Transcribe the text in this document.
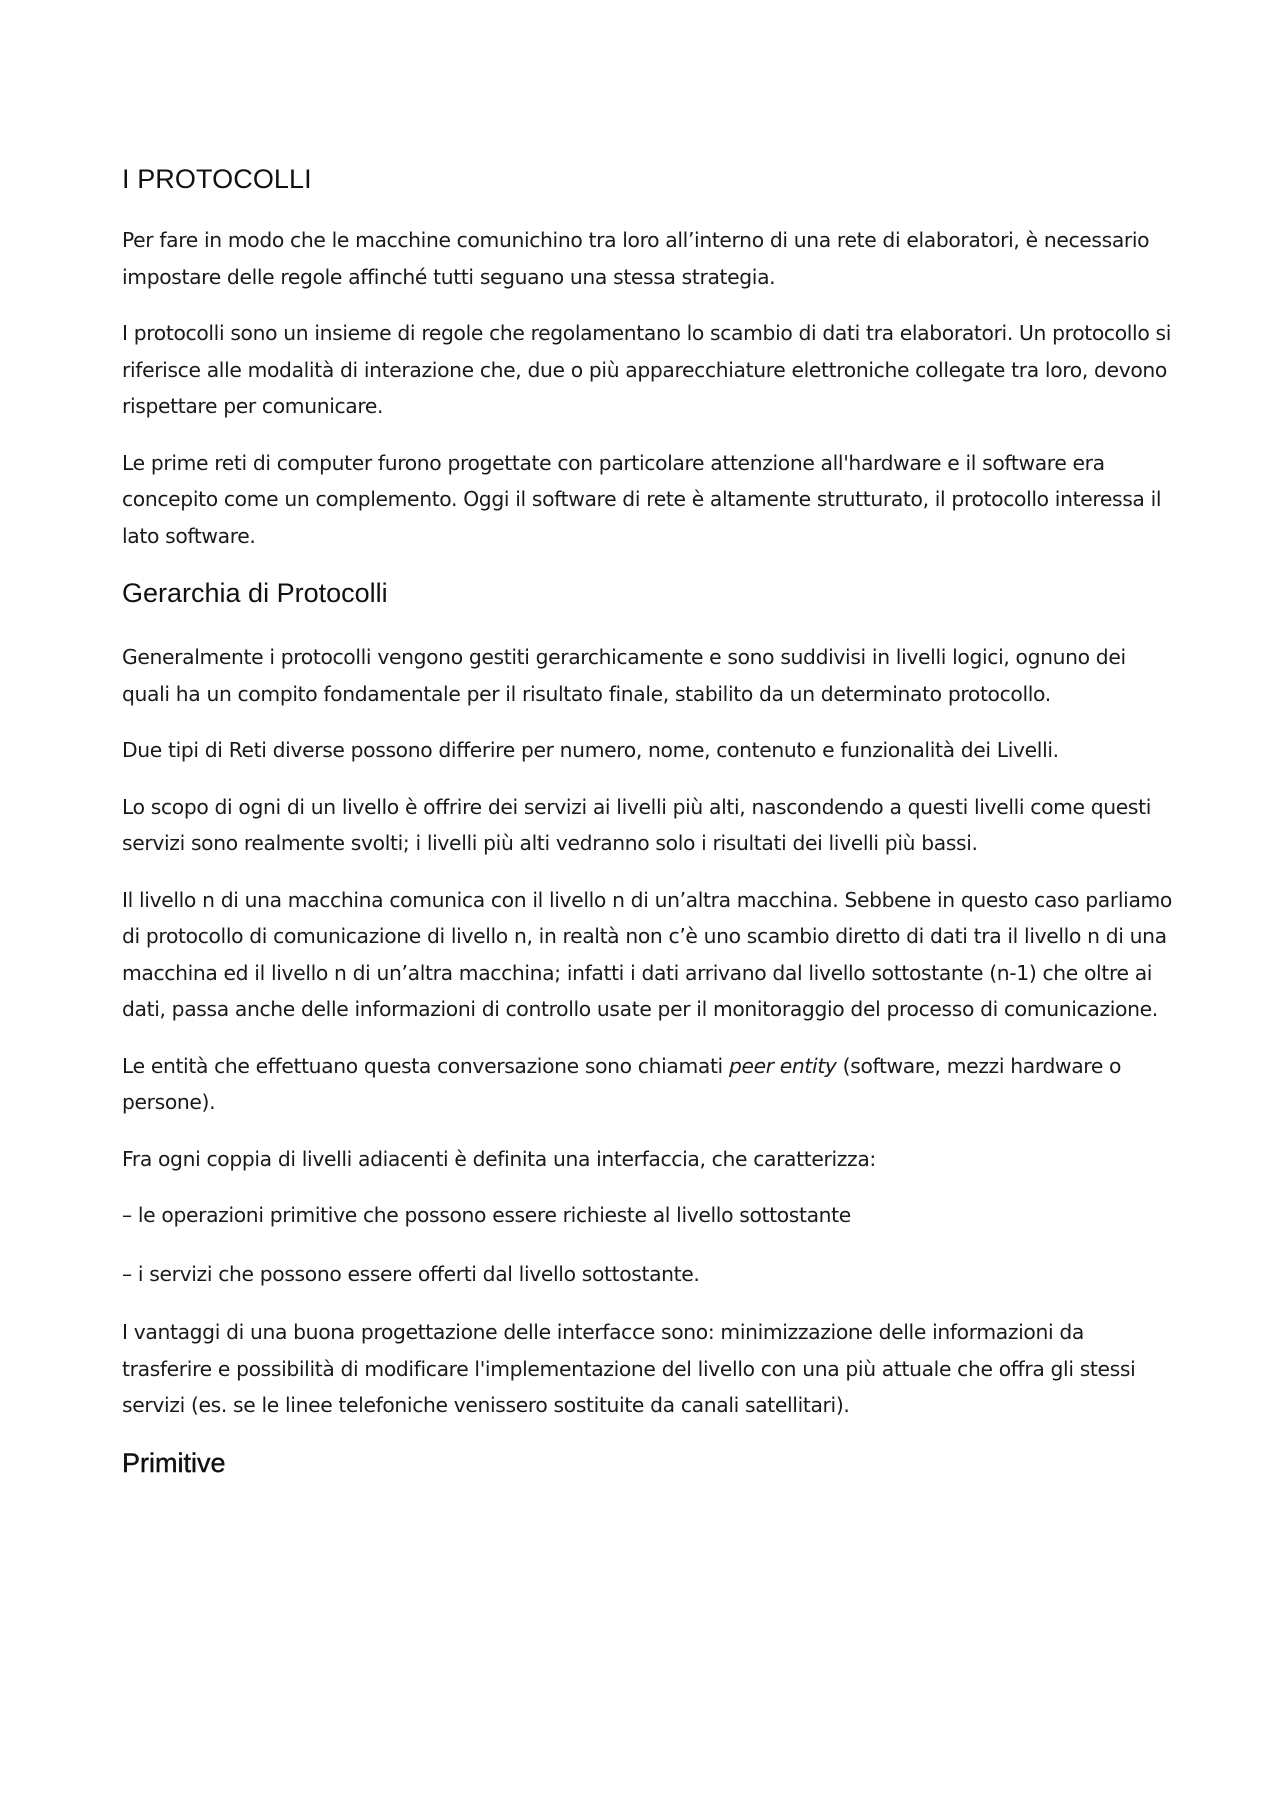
I PROTOCOLLI

Per fare in modo che le macchine comunichino tra loro all’interno di una rete di elaboratori, è necessario impostare delle regole affinché tutti seguano una stessa strategia.

I protocolli sono un insieme di regole che regolamentano lo scambio di dati tra elaboratori. Un protocollo si riferisce alle modalità di interazione che, due o più apparecchiature elettroniche collegate tra loro, devono rispettare per comunicare.

Le prime reti di computer furono progettate con particolare attenzione all'hardware e il software era concepito come un complemento. Oggi il software di rete è altamente strutturato, il protocollo interessa il lato software.

Gerarchia di Protocolli

Generalmente i protocolli vengono gestiti gerarchicamente e sono suddivisi in livelli logici, ognuno dei quali ha un compito fondamentale per il risultato finale, stabilito da un determinato protocollo.

Due tipi di Reti diverse possono differire per numero, nome, contenuto e funzionalità dei Livelli.

Lo scopo di ogni di un livello è offrire dei servizi ai livelli più alti, nascondendo a questi livelli come questi servizi sono realmente svolti; i livelli più alti vedranno solo i risultati dei livelli più bassi.

Il livello n di una macchina comunica con il livello n di un’altra macchina. Sebbene in questo caso parliamo di protocollo di comunicazione di livello n, in realtà non c’è uno scambio diretto di dati tra il livello n di una macchina ed il livello n di un’altra macchina; infatti i dati arrivano dal livello sottostante (n-1) che oltre ai dati, passa anche delle informazioni di controllo usate per il monitoraggio del processo di comunicazione.

Le entità che effettuano questa conversazione sono chiamati peer entity (software, mezzi hardware o persone).

Fra ogni coppia di livelli adiacenti è definita una interfaccia, che caratterizza:

– le operazioni primitive che possono essere richieste al livello sottostante

– i servizi che possono essere offerti dal livello sottostante.

I vantaggi di una buona progettazione delle interfacce sono: minimizzazione delle informazioni da trasferire e possibilità di modificare l'implementazione del livello con una più attuale che offra gli stessi servizi (es. se le linee telefoniche venissero sostituite da canali satellitari).

Primitive
